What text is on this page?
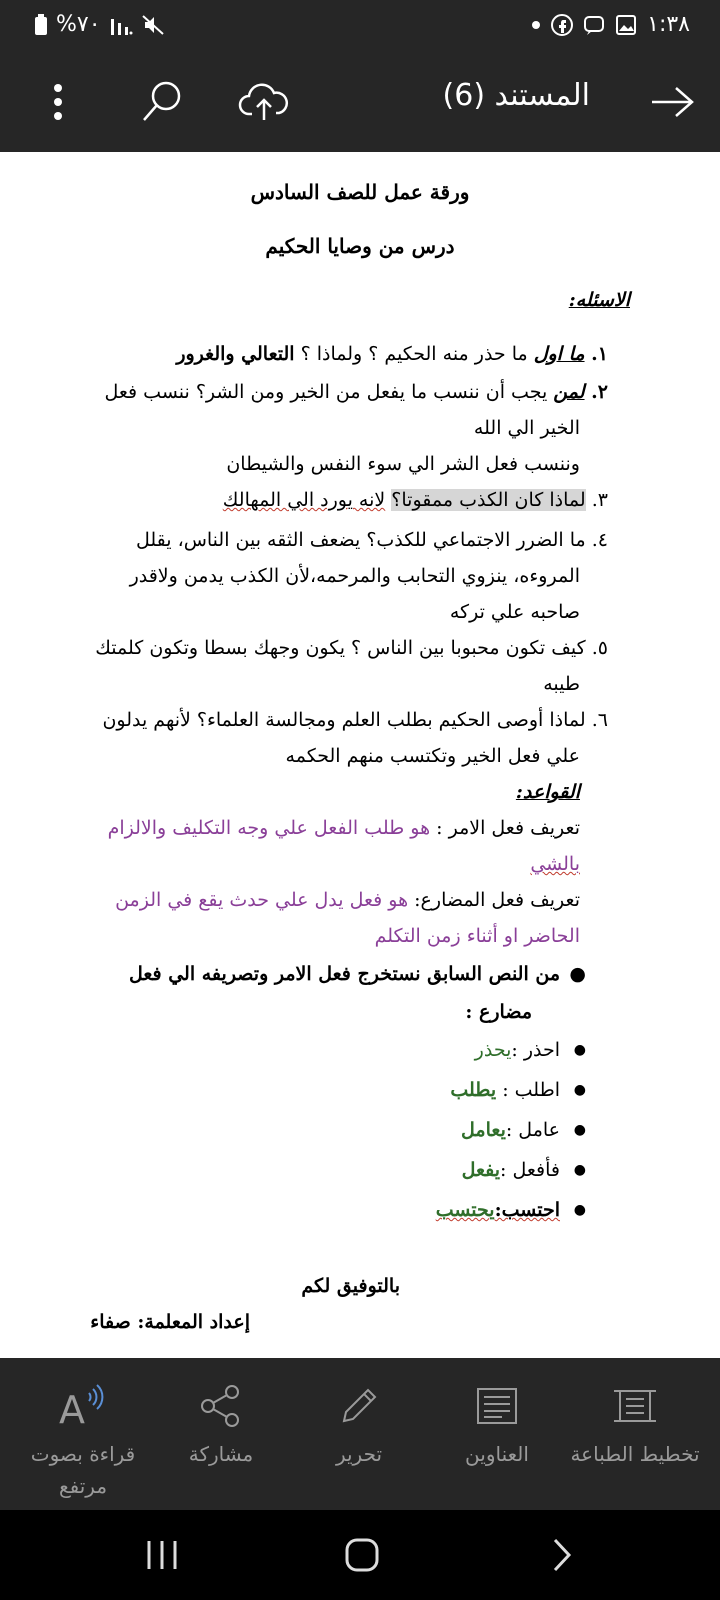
%٧٠	١:٣٨
المستند (6)
ورقة عمل للصف السادس
درس من وصايا الحكيم
الاسئله:
١. ما اول ما حذر منه الحكيم ؟ ولماذا ؟ التعالي والغرور
٢. لمن يجب أن ننسب ما يفعل من الخير ومن الشر؟ ننسب فعل
الخير الي الله
وننسب فعل الشر الي سوء النفس والشيطان
٣. لماذا كان الكذب ممقوتا؟ لانه يورد الي المهالك
٤. ما الضرر الاجتماعي للكذب؟ يضعف الثقه بين الناس، يقلل
المروءه، ينزوي التحابب والمرحمه،لأن الكذب يدمن ولاقدر
صاحبه علي تركه
٥. كيف تكون محبوبا بين الناس ؟ يكون وجهك بسطا وتكون كلمتك
طيبه
٦. لماذا أوصى الحكيم بطلب العلم ومجالسة العلماء؟ لأنهم يدلون
علي فعل الخير وتكتسب منهم الحكمه
القواعد:
تعريف فعل الامر : هو طلب الفعل علي وجه التكليف والالزام
بالشي
تعريف فعل المضارع: هو فعل يدل علي حدث يقع في الزمن
الحاضر او أثناء زمن التكلم
●
من النص السابق نستخرج فعل الامر وتصريفه الي فعل
مضارع :
●
احذر :يحذر
●
اطلب : يطلب
●
عامل :يعامل
●
فأفعل :يفعل
●
احتسب:يحتسب
بالتوفيق لكم
إعداد المعلمة: صفاء
تخطيط الطباعة
العناوين
تحرير
مشاركة
A
قراءة بصوت مرتفع
